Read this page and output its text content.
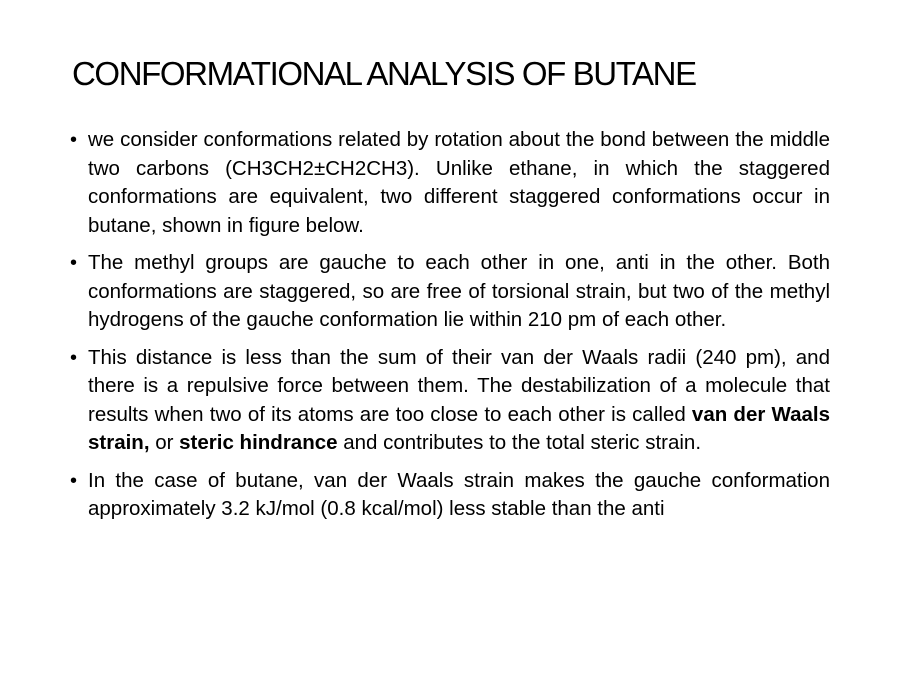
CONFORMATIONAL ANALYSIS OF BUTANE
• we consider conformations related by rotation about the bond between the middle two carbons (CH3CH2±CH2CH3). Unlike ethane, in which the staggered conformations are equivalent, two different staggered conformations occur in butane, shown in figure below.
• The methyl groups are gauche to each other in one, anti in the other. Both conformations are staggered, so are free of torsional strain, but two of the methyl hydrogens of the gauche conformation lie within 210 pm of each other.
• This distance is less than the sum of their van der Waals radii (240 pm), and there is a repulsive force between them. The destabilization of a molecule that results when two of its atoms are too close to each other is called van der Waals strain, or steric hindrance and contributes to the total steric strain.
• In the case of butane, van der Waals strain makes the gauche conformation approximately 3.2 kJ/mol (0.8 kcal/mol) less stable than the anti
